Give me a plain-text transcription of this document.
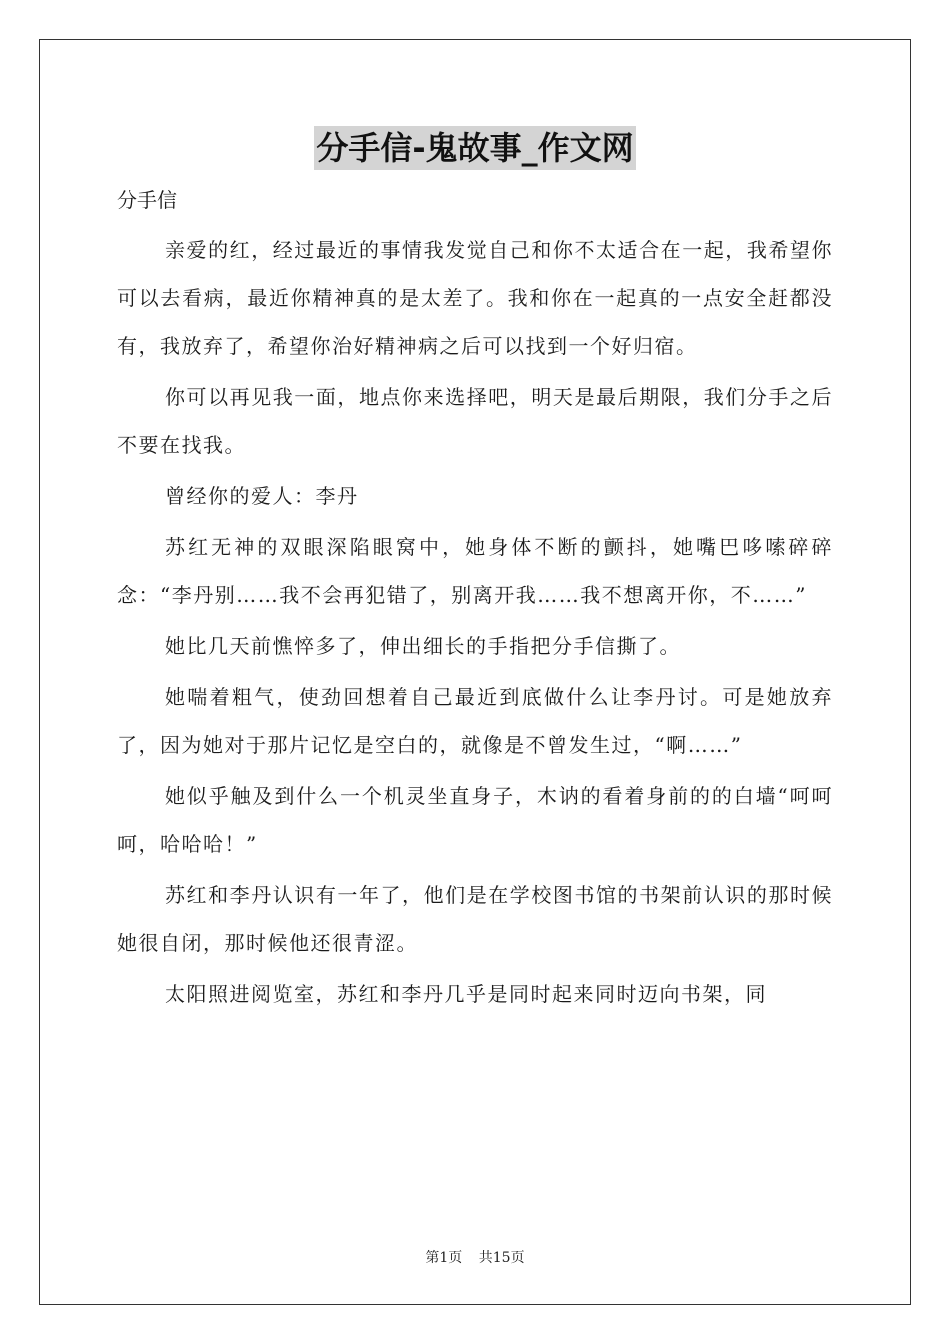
分手信-鬼故事_作文网
分手信

亲爱的红，经过最近的事情我发觉自己和你不太适合在一起，我希望你可以去看病，最近你精神真的是太差了。我和你在一起真的一点安全赶都没有，我放弃了，希望你治好精神病之后可以找到一个好归宿。

你可以再见我一面，地点你来选择吧，明天是最后期限，我们分手之后不要在找我。

曾经你的爱人：李丹

苏红无神的双眼深陷眼窝中，她身体不断的颤抖，她嘴巴哆嗦碎碎念：“李丹别……我不会再犯错了，别离开我……我不想离开你，不……”

她比几天前憔悴多了，伸出细长的手指把分手信撕了。

她喘着粗气，使劲回想着自己最近到底做什么让李丹讨。可是她放弃了，因为她对于那片记忆是空白的，就像是不曾发生过，“啊……”

她似乎触及到什么一个机灵坐直身子，木讷的看着身前的的白墙“呵呵呵，哈哈哈！”

苏红和李丹认识有一年了，他们是在学校图书馆的书架前认识的那时候她很自闭，那时候他还很青涩。

太阳照进阅览室，苏红和李丹几乎是同时起来同时迈向书架，同

第1页 共15页
